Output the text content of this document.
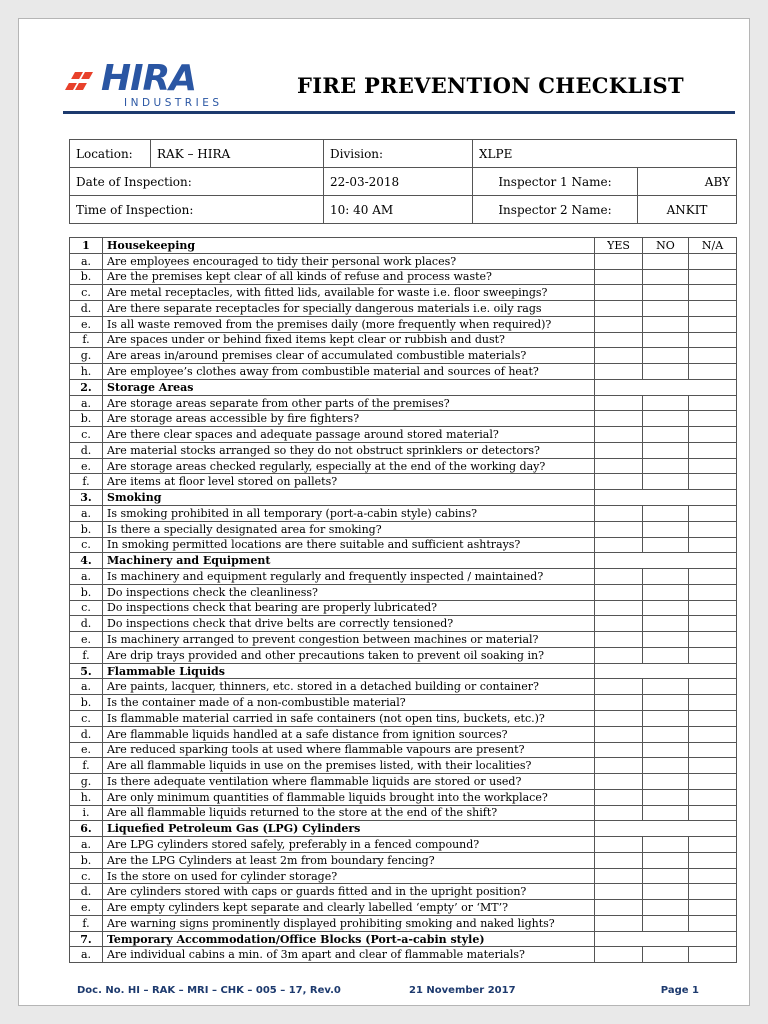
HIRA
INDUSTRIES
FIRE PREVENTION CHECKLIST
Location:	RAK – HIRA	Division:	XLPE	
Date of Inspection:		22-03-2018	Inspector 1 Name:	ABY
Time of Inspection:		10: 40 AM	Inspector 2 Name:	ANKIT
1	Housekeeping	YES	NO	N/A
a.	Are employees encouraged to tidy their personal work places?			
b.	Are the premises kept clear of all kinds of refuse and process waste?			
c.	Are metal receptacles, with fitted lids, available for waste i.e. floor sweepings?			
d.	Are there separate receptacles for specially dangerous materials i.e. oily rags			
e.	Is all waste removed from the premises daily (more frequently when required)?			
f.	Are spaces under or behind fixed items kept clear or rubbish and dust?			
g.	Are areas in/around premises clear of accumulated combustible materials?			
h.	Are employee’s clothes away from combustible material and sources of heat?			
2.	Storage Areas			
a.	Are storage areas separate from other parts of the premises?			
b.	Are storage areas accessible by fire fighters?			
c.	Are there clear spaces and adequate passage around stored material?			
d.	Are material stocks arranged so they do not obstruct sprinklers or detectors?			
e.	Are storage areas checked regularly, especially at the end of the working day?			
f.	Are items at floor level stored on pallets?			
3.	Smoking			
a.	Is smoking prohibited in all temporary (port-a-cabin style) cabins?			
b.	Is there a specially designated area for smoking?			
c.	In smoking permitted locations are there suitable and sufficient ashtrays?			
4.	Machinery and Equipment			
a.	Is machinery and equipment regularly and frequently inspected / maintained?			
b.	Do inspections check the cleanliness?			
c.	Do inspections check that bearing are properly lubricated?			
d.	Do inspections check that drive belts are correctly tensioned?			
e.	Is machinery arranged to prevent congestion between machines or material?			
f.	Are drip trays provided and other precautions taken to prevent oil soaking in?			
5.	Flammable Liquids			
a.	Are paints, lacquer, thinners, etc. stored in a detached building or container?			
b.	Is the container made of a non-combustible material?			
c.	Is flammable material carried in safe containers (not open tins, buckets, etc.)?			
d.	Are flammable liquids handled at a safe distance from ignition sources?			
e.	Are reduced sparking tools at used where flammable vapours are present?			
f.	Are all flammable liquids in use on the premises listed, with their localities?			
g.	Is there adequate ventilation where flammable liquids are stored or used?			
h.	Are only minimum quantities of flammable liquids brought into the workplace?			
i.	Are all flammable liquids returned to the store at the end of the shift?			
6.	Liquefied Petroleum Gas (LPG) Cylinders			
a.	Are LPG cylinders stored safely, preferably in a fenced compound?			
b.	Are the LPG Cylinders at least 2m from boundary fencing?			
c.	Is the store on used for cylinder storage?			
d.	Are cylinders stored with caps or guards fitted and in the upright position?			
e.	Are empty cylinders kept separate and clearly labelled ‘empty’ or ‘MT’?			
f.	Are warning signs prominently displayed prohibiting smoking and naked lights?			
7.	Temporary Accommodation/Office Blocks (Port-a-cabin style)			
a.	Are individual cabins a min. of 3m apart and clear of flammable materials?			
Doc. No. HI – RAK – MRI – CHK – 005 – 17, Rev.0	21 November 2017	Page 1
